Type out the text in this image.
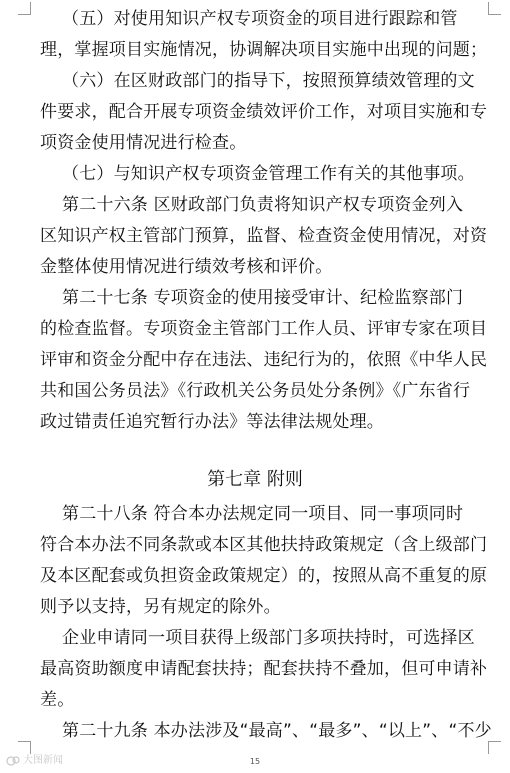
（五）对使用知识产权专项资金的项目进行跟踪和管
理，掌握项目实施情况，协调解决项目实施中出现的问题；
（六）在区财政部门的指导下，按照预算绩效管理的文
件要求，配合开展专项资金绩效评价工作，对项目实施和专
项资金使用情况进行检查。
（七）与知识产权专项资金管理工作有关的其他事项。
第二十六条 区财政部门负责将知识产权专项资金列入
区知识产权主管部门预算，监督、检查资金使用情况，对资
金整体使用情况进行绩效考核和评价。
第二十七条 专项资金的使用接受审计、纪检监察部门
的检查监督。专项资金主管部门工作人员、评审专家在项目
评审和资金分配中存在违法、违纪行为的，依照《中华人民
共和国公务员法》《行政机关公务员处分条例》《广东省行
政过错责任追究暂行办法》等法律法规处理。
第七章 附则
第二十八条 符合本办法规定同一项目、同一事项同时
符合本办法不同条款或本区其他扶持政策规定（含上级部门
及本区配套或负担资金政策规定）的，按照从高不重复的原
则予以支持，另有规定的除外。
企业申请同一项目获得上级部门多项扶持时，可选择区
最高资助额度申请配套扶持；配套扶持不叠加，但可申请补
差。
第二十九条 本办法涉及“最高”、“最多”、“以上”、“不少
大图新闻	15
